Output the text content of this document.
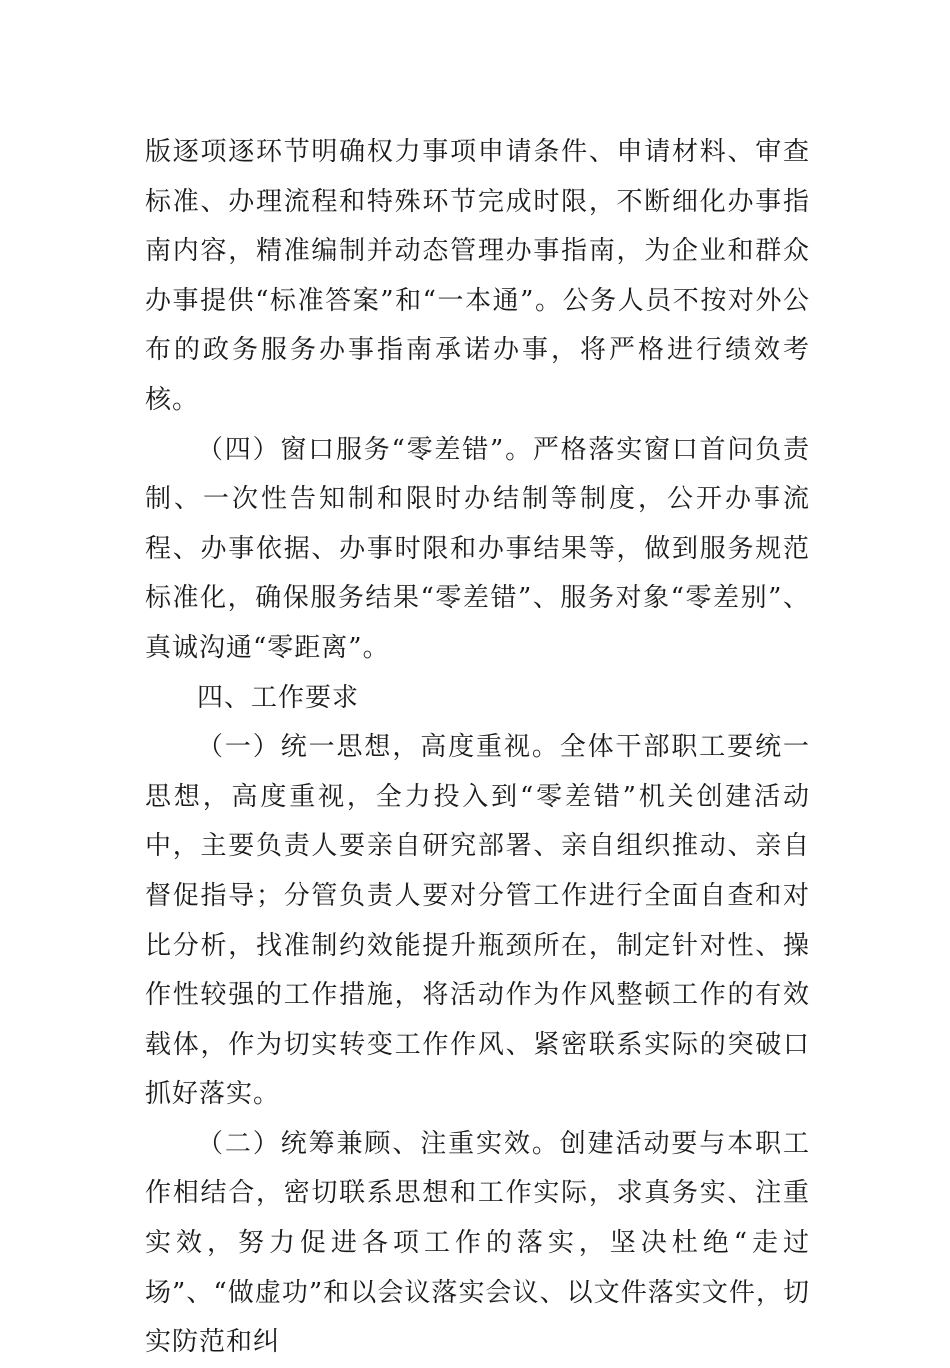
版逐项逐环节明确权力事项申请条件、申请材料、审查标准、办理流程和特殊环节完成时限，不断细化办事指南内容，精准编制并动态管理办事指南，为企业和群众办事提供“标准答案”和“一本通”。公务人员不按对外公布的政务服务办事指南承诺办事，将严格进行绩效考核。

（四）窗口服务“零差错”。严格落实窗口首问负责制、一次性告知制和限时办结制等制度，公开办事流程、办事依据、办事时限和办事结果等，做到服务规范标准化，确保服务结果“零差错”、服务对象“零差别”、真诚沟通“零距离”。

四、工作要求

（一）统一思想，高度重视。全体干部职工要统一思想，高度重视，全力投入到“零差错”机关创建活动中，主要负责人要亲自研究部署、亲自组织推动、亲自督促指导；分管负责人要对分管工作进行全面自查和对比分析，找准制约效能提升瓶颈所在，制定针对性、操作性较强的工作措施，将活动作为作风整顿工作的有效载体，作为切实转变工作作风、紧密联系实际的突破口抓好落实。

（二）统筹兼顾、注重实效。创建活动要与本职工作相结合，密切联系思想和工作实际，求真务实、注重实效，努力促进各项工作的落实，坚决杜绝“走过场”、“做虚功”和以会议落实会议、以文件落实文件，切实防范和纠
